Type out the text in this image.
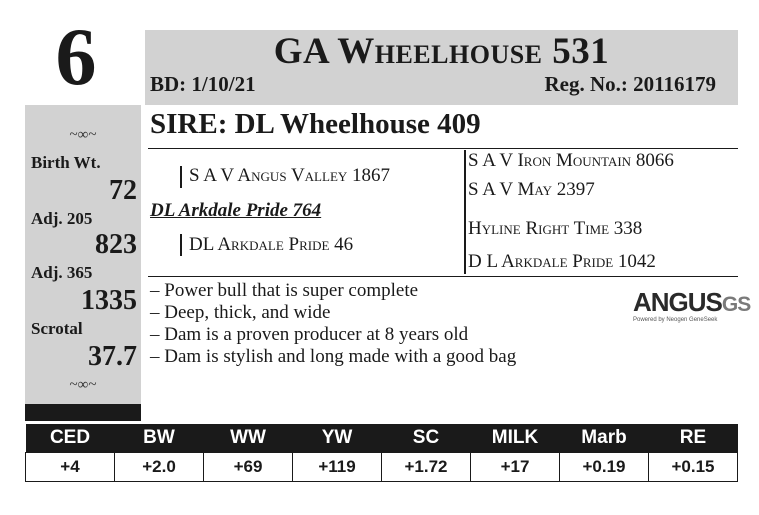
6	GA Wheelhouse 531
BD: 1/10/21	Reg. No.: 20116179
~∞~
Birth Wt.
72
Adj. 205
823
Adj. 365
1335
Scrotal
37.7
~∞~
SIRE: DL Wheelhouse 409
S A V Angus Valley 1867
DL Arkdale Pride 764
DL Arkdale Pride 46
S A V Iron Mountain 8066
S A V May 2397
Hyline Right Time 338
D L Arkdale Pride 1042
– Power bull that is super complete
– Deep, thick, and wide
– Dam is a proven producer at 8 years old
– Dam is stylish and long made with a good bag
ANGUSGS
Powered by Neogen GeneSeek
CED	BW	WW	YW	SC	MILK	Marb	RE
+4	+2.0	+69	+119	+1.72	+17	+0.19	+0.15
